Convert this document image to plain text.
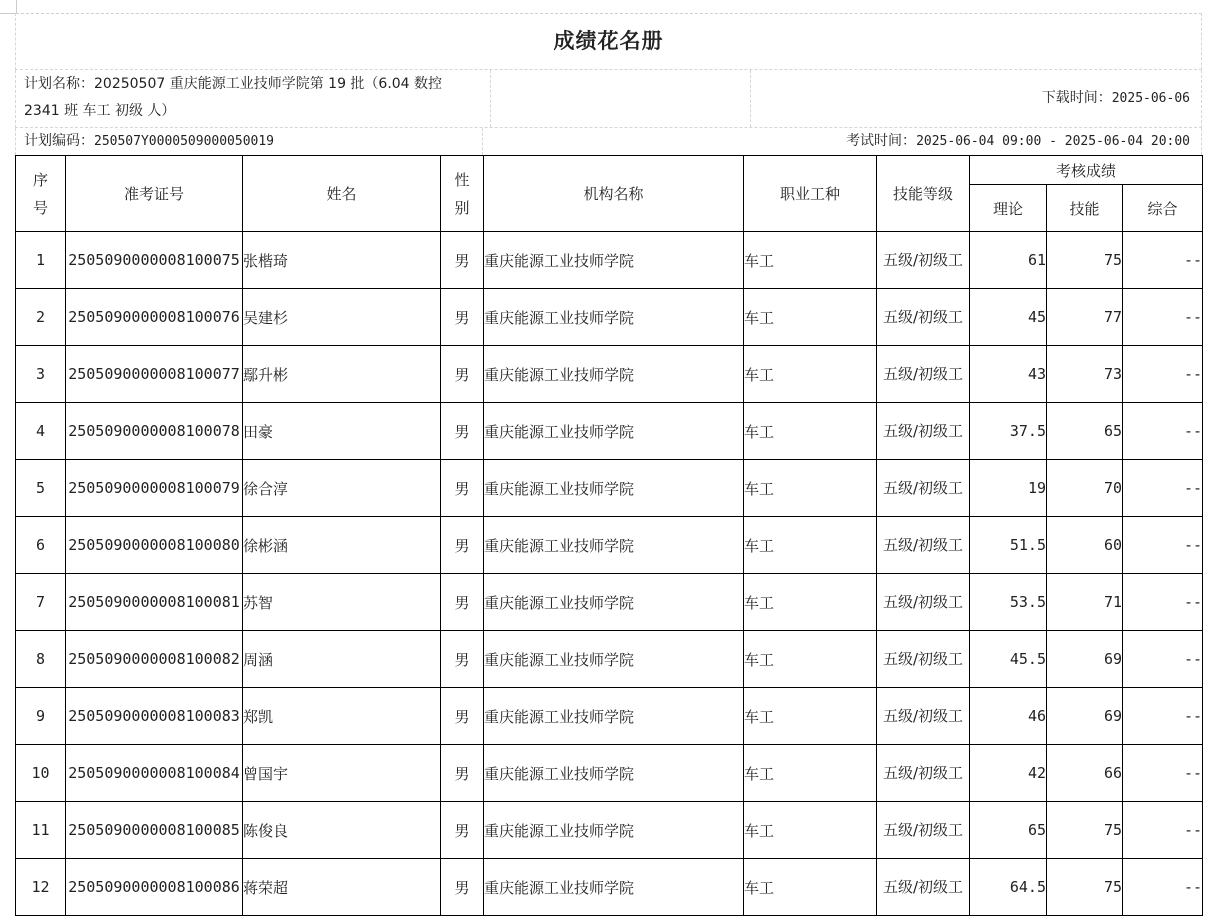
成绩花名册
计划名称：20250507 重庆能源工业技师学院第 19 批（6.04 数控 2341 班 车工 初级 人）
下载时间：2025-06-06
计划编码：250507Y0000509000050019	考试时间：2025-06-04 09:00 - 2025-06-04 20:00
序号	准考证号	姓名	性别	机构名称	职业工种	技能等级	考核成绩		
							理论	技能	综合
1	2505090000008100075	张楷琦	男	重庆能源工业技师学院	车工	五级/初级工	61	75	--
2	2505090000008100076	吴建杉	男	重庆能源工业技师学院	车工	五级/初级工	45	77	--
3	2505090000008100077	鄢升彬	男	重庆能源工业技师学院	车工	五级/初级工	43	73	--
4	2505090000008100078	田豪	男	重庆能源工业技师学院	车工	五级/初级工	37.5	65	--
5	2505090000008100079	徐合淳	男	重庆能源工业技师学院	车工	五级/初级工	19	70	--
6	2505090000008100080	徐彬涵	男	重庆能源工业技师学院	车工	五级/初级工	51.5	60	--
7	2505090000008100081	苏智	男	重庆能源工业技师学院	车工	五级/初级工	53.5	71	--
8	2505090000008100082	周涵	男	重庆能源工业技师学院	车工	五级/初级工	45.5	69	--
9	2505090000008100083	郑凯	男	重庆能源工业技师学院	车工	五级/初级工	46	69	--
10	2505090000008100084	曾国宇	男	重庆能源工业技师学院	车工	五级/初级工	42	66	--
11	2505090000008100085	陈俊良	男	重庆能源工业技师学院	车工	五级/初级工	65	75	--
12	2505090000008100086	蒋荣超	男	重庆能源工业技师学院	车工	五级/初级工	64.5	75	--
